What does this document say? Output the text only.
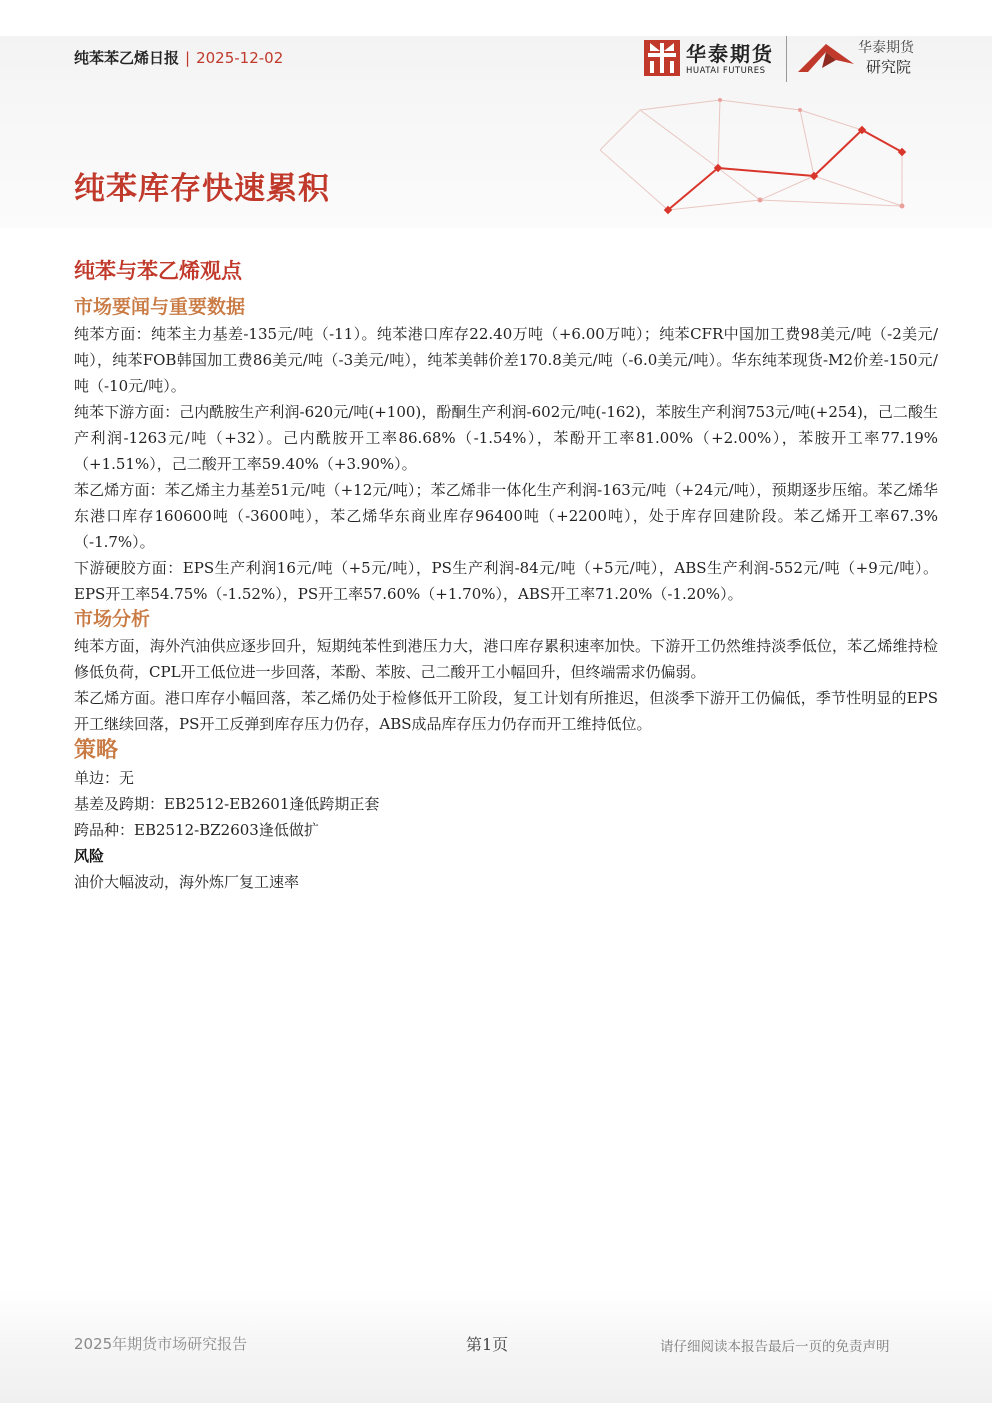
纯苯苯乙烯日报 | 2025-12-02	华泰期货
HUATAI FUTURES
华泰期货
研究院
纯苯库存快速累积
纯苯与苯乙烯观点
市场要闻与重要数据

纯苯方面：纯苯主力基差-135元/吨（-11）。纯苯港口库存22.40万吨（+6.00万吨）；纯苯CFR中国加工费98美元/吨（-2美元/吨），纯苯FOB韩国加工费86美元/吨（-3美元/吨），纯苯美韩价差170.8美元/吨（-6.0美元/吨）。华东纯苯现货-M2价差-150元/吨（-10元/吨）。

纯苯下游方面：己内酰胺生产利润-620元/吨(+100)，酚酮生产利润-602元/吨(-162)，苯胺生产利润753元/吨(+254)，己二酸生产利润-1263元/吨（+32）。己内酰胺开工率86.68%（-1.54%），苯酚开工率81.00%（+2.00%），苯胺开工率77.19%（+1.51%），己二酸开工率59.40%（+3.90%）。

苯乙烯方面：苯乙烯主力基差51元/吨（+12元/吨）；苯乙烯非一体化生产利润-163元/吨（+24元/吨），预期逐步压缩。苯乙烯华东港口库存160600吨（-3600吨），苯乙烯华东商业库存96400吨（+2200吨），处于库存回建阶段。苯乙烯开工率67.3%（-1.7%）。

下游硬胶方面：EPS生产利润16元/吨（+5元/吨），PS生产利润-84元/吨（+5元/吨），ABS生产利润-552元/吨（+9元/吨）。EPS开工率54.75%（-1.52%），PS开工率57.60%（+1.70%），ABS开工率71.20%（-1.20%）。

市场分析

纯苯方面，海外汽油供应逐步回升，短期纯苯性到港压力大，港口库存累积速率加快。下游开工仍然维持淡季低位，苯乙烯维持检修低负荷，CPL开工低位进一步回落，苯酚、苯胺、己二酸开工小幅回升，但终端需求仍偏弱。

苯乙烯方面。港口库存小幅回落，苯乙烯仍处于检修低开工阶段，复工计划有所推迟，但淡季下游开工仍偏低，季节性明显的EPS开工继续回落，PS开工反弹到库存压力仍存，ABS成品库存压力仍存而开工维持低位。

策略

单边：无

基差及跨期：EB2512-EB2601逢低跨期正套

跨品种：EB2512-BZ2603逢低做扩

风险

油价大幅波动，海外炼厂复工速率

2025年期货市场研究报告	第1页	请仔细阅读本报告最后一页的免责声明
